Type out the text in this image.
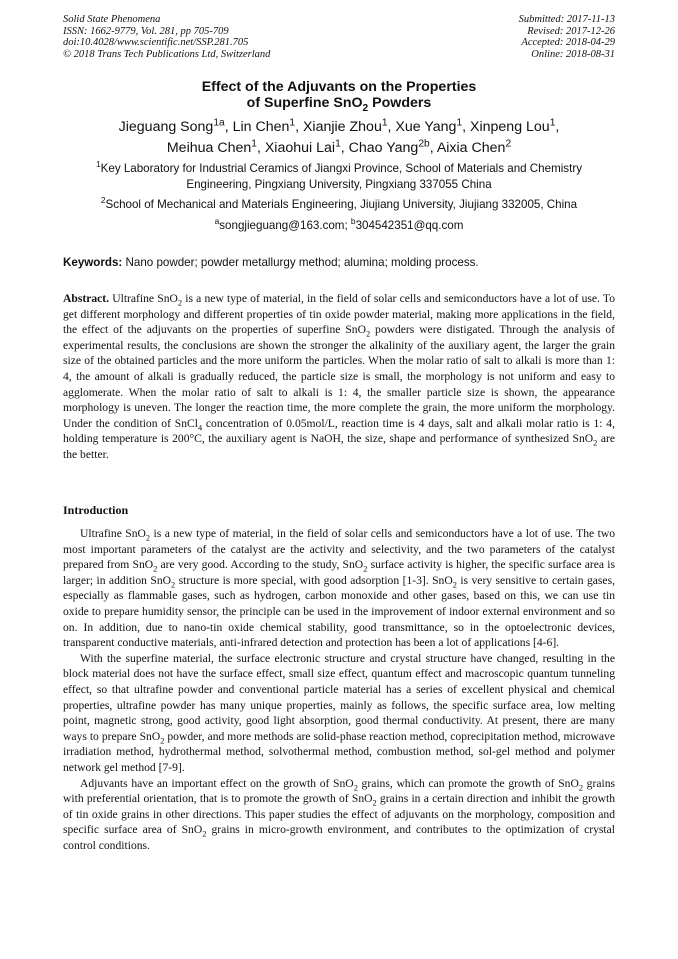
Solid State Phenomena
ISSN: 1662-9779, Vol. 281, pp 705-709
doi:10.4028/www.scientific.net/SSP.281.705
© 2018 Trans Tech Publications Ltd, Switzerland
Submitted: 2017-11-13
Revised: 2017-12-26
Accepted: 2018-04-29
Online: 2018-08-31
Effect of the Adjuvants on the Properties
of Superfine SnO$_2$ Powders
Jieguang Song$^{1a}$, Lin Chen$^1$, Xianjie Zhou$^1$, Xue Yang$^1$, Xinpeng Lou$^1$,
Meihua Chen$^1$, Xiaohui Lai$^1$, Chao Yang$^{2b}$, Aixia Chen$^2$
$^1$Key Laboratory for Industrial Ceramics of Jiangxi Province, School of Materials and Chemistry
Engineering, Pingxiang University, Pingxiang 337055 China
$^2$School of Mechanical and Materials Engineering, Jiujiang University, Jiujiang 332005, China
$^a$songjieguang@163.com; $^b$304542351@qq.com
Keywords: Nano powder; powder metallurgy method; alumina; molding process.
Abstract. Ultrafine SnO$_2$ is a new type of material, in the field of solar cells and semiconductors have a lot of use. To get different morphology and different properties of tin oxide powder material, making more applications in the field, the effect of the adjuvants on the properties of superfine SnO$_2$ powders were distigated. Through the analysis of experimental results, the conclusions are shown the stronger the alkalinity of the auxiliary agent, the larger the grain size of the obtained particles and the more uniform the particles. When the molar ratio of salt to alkali is more than 1: 4, the amount of alkali is gradually reduced, the particle size is small, the morphology is not uniform and easy to agglomerate. When the molar ratio of salt to alkali is 1: 4, the smaller particle size is shown, the appearance morphology is uneven. The longer the reaction time, the more complete the grain, the more uniform the morphology. Under the condition of SnCl$_4$ concentration of 0.05mol/L, reaction time is 4 days, salt and alkali molar ratio is 1: 4, holding temperature is 200°C, the auxiliary agent is NaOH, the size, shape and performance of synthesized SnO$_2$ are the better.
Introduction

Ultrafine SnO$_2$ is a new type of material, in the field of solar cells and semiconductors have a lot of use. The two most important parameters of the catalyst are the activity and selectivity, and the two parameters of the catalyst prepared from SnO$_2$ are very good. According to the study, SnO$_2$ surface activity is higher, the specific surface area is larger; in addition SnO$_2$ structure is more special, with good adsorption [1-3]. SnO$_2$ is very sensitive to certain gases, especially as flammable gases, such as hydrogen, carbon monoxide and other gases, based on this, we can use tin oxide to prepare humidity sensor, the principle can be used in the improvement of indoor external environment and so on. In addition, due to nano-tin oxide chemical stability, good transmittance, so in the optoelectronic devices, transparent conductive materials, anti-infrared detection and protection has been a lot of applications [4-6].

With the superfine material, the surface electronic structure and crystal structure have changed, resulting in the block material does not have the surface effect, small size effect, quantum effect and macroscopic quantum tunneling effect, so that ultrafine powder and conventional particle material has a series of excellent physical and chemical properties, ultrafine powder has many unique properties, mainly as follows, the specific surface area, low melting point, magnetic strong, good activity, good light absorption, good thermal conductivity. At present, there are many ways to prepare SnO$_2$ powder, and more methods are solid-phase reaction method, coprecipitation method, microwave irradiation method, hydrothermal method, solvothermal method, combustion method, sol-gel method and polymer network gel method [7-9].

Adjuvants have an important effect on the growth of SnO$_2$ grains, which can promote the growth of SnO$_2$ grains with preferential orientation, that is to promote the growth of SnO$_2$ grains in a certain direction and inhibit the growth of tin oxide grains in other directions. This paper studies the effect of adjuvants on the morphology, composition and specific surface area of SnO$_2$ grains in micro-growth environment, and contributes to the optimization of crystal control conditions.
